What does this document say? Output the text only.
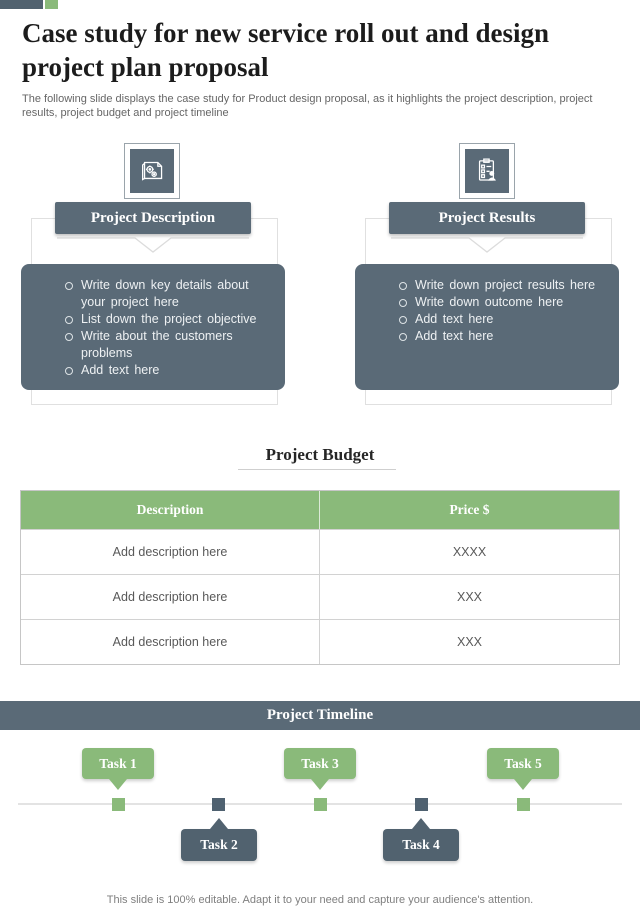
Case study for new service roll out and design project plan proposal

The following slide displays the case study for Product design proposal, as it highlights the project description, project results, project budget and project timeline

Project Description
Write down key details about your project here
List down the project objective
Write about the customers problems
Add text here
Project Results
Write down project results here
Write down outcome here
Add text here
Add text here
Project Budget
Description	Price $
Add description here	XXXX
Add description here	XXX
Add description here	XXX
Project Timeline
Task 1
Task 2
Task 3
Task 4
Task 5
This slide is 100% editable. Adapt it to your need and capture your audience's attention.
